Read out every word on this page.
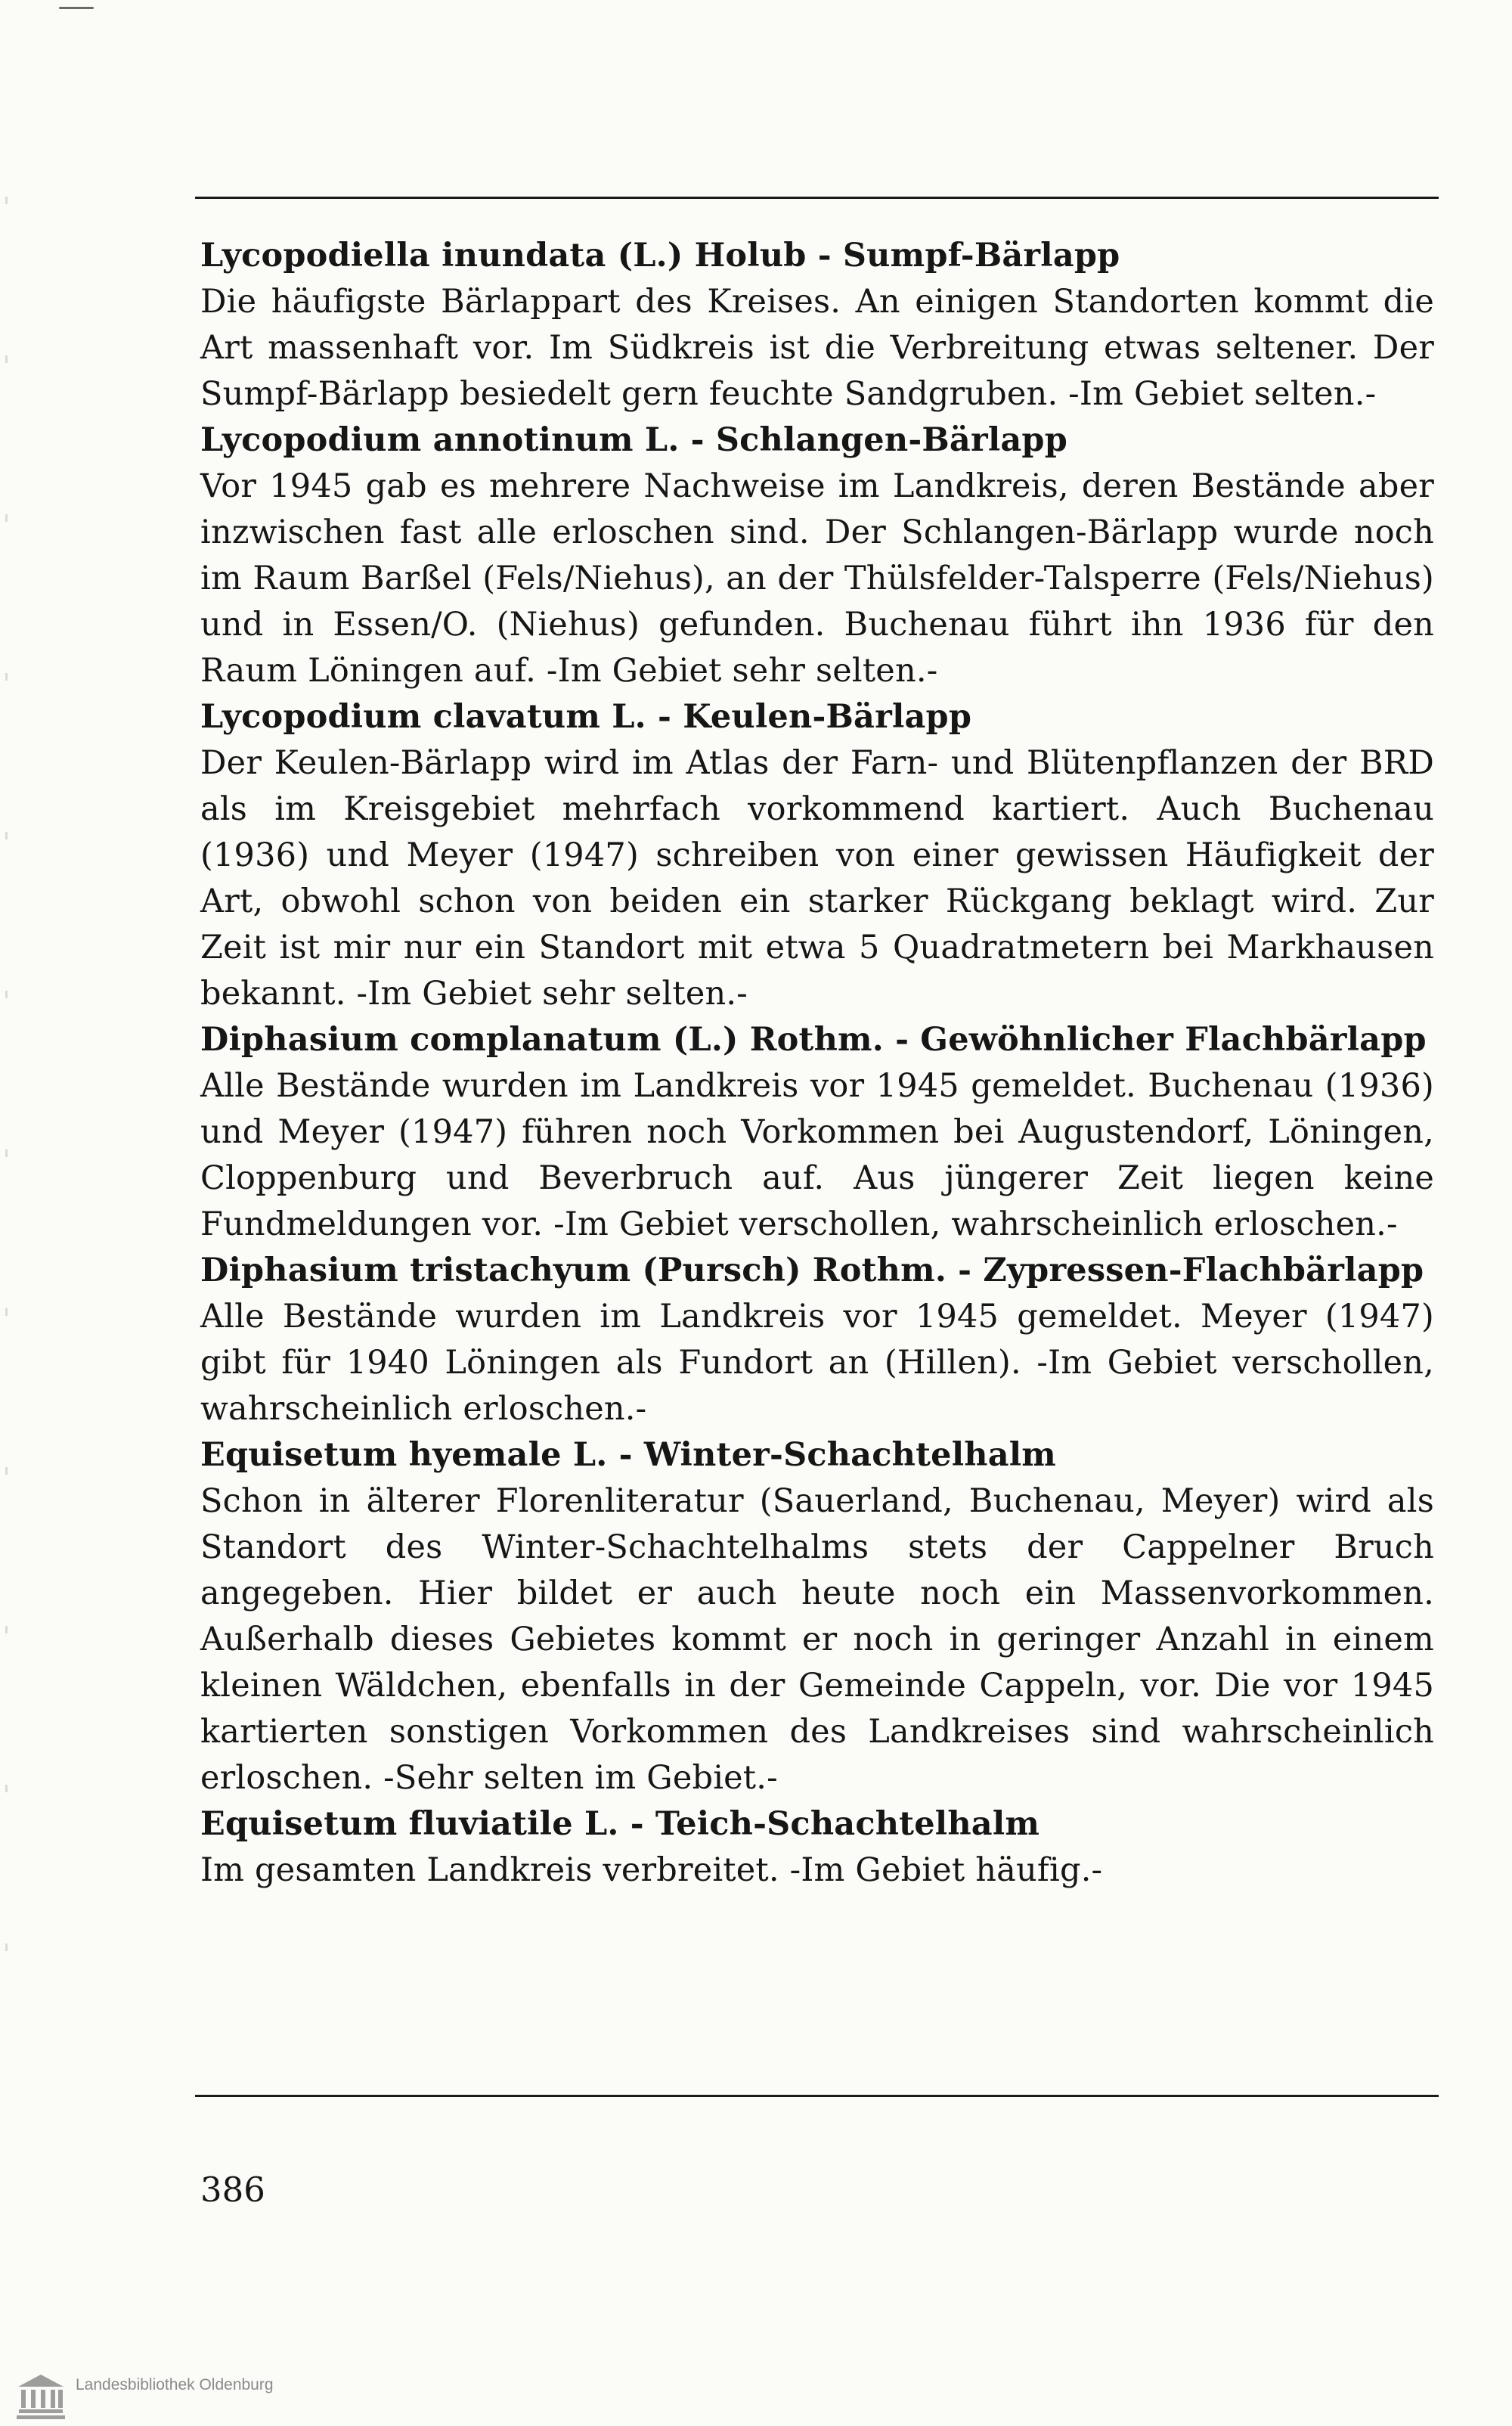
Lycopodiella inundata (L.) Holub - Sumpf-Bärlapp
Die häufigste Bärlappart des Kreises. An einigen Standorten kommt die Art massenhaft vor. Im Südkreis ist die Verbreitung etwas seltener. Der Sumpf-Bärlapp besiedelt gern feuchte Sandgruben. -Im Gebiet selten.-
Lycopodium annotinum L. - Schlangen-Bärlapp
Vor 1945 gab es mehrere Nachweise im Landkreis, deren Bestände aber inzwischen fast alle erloschen sind. Der Schlangen-Bärlapp wurde noch im Raum Barßel (Fels/Niehus), an der Thülsfelder-Talsperre (Fels/Niehus) und in Essen/O. (Niehus) gefunden. Buchenau führt ihn 1936 für den Raum Löningen auf. -Im Gebiet sehr selten.-
Lycopodium clavatum L. - Keulen-Bärlapp
Der Keulen-Bärlapp wird im Atlas der Farn- und Blütenpflanzen der BRD als im Kreisgebiet mehrfach vorkommend kartiert. Auch Buchenau (1936) und Meyer (1947) schreiben von einer gewissen Häufigkeit der Art, obwohl schon von beiden ein starker Rückgang beklagt wird. Zur Zeit ist mir nur ein Standort mit etwa 5 Quadratmetern bei Markhausen bekannt. -Im Gebiet sehr selten.-
Diphasium complanatum (L.) Rothm. - Gewöhnlicher Flachbärlapp
Alle Bestände wurden im Landkreis vor 1945 gemeldet. Buchenau (1936) und Meyer (1947) führen noch Vorkommen bei Augustendorf, Löningen, Cloppenburg und Beverbruch auf. Aus jüngerer Zeit liegen keine Fundmeldungen vor. -Im Gebiet verschollen, wahrscheinlich erloschen.-
Diphasium tristachyum (Pursch) Rothm. - Zypressen-Flachbärlapp
Alle Bestände wurden im Landkreis vor 1945 gemeldet. Meyer (1947) gibt für 1940 Löningen als Fundort an (Hillen). -Im Gebiet verschollen, wahrscheinlich erloschen.-
Equisetum hyemale L. - Winter-Schachtelhalm
Schon in älterer Florenliteratur (Sauerland, Buchenau, Meyer) wird als Standort des Winter-Schachtelhalms stets der Cappelner Bruch angegeben. Hier bildet er auch heute noch ein Massenvorkommen. Außerhalb dieses Gebietes kommt er noch in geringer Anzahl in einem kleinen Wäldchen, ebenfalls in der Gemeinde Cappeln, vor. Die vor 1945 kartierten sonstigen Vorkommen des Landkreises sind wahrscheinlich erloschen. -Sehr selten im Gebiet.-
Equisetum fluviatile L. - Teich-Schachtelhalm
Im gesamten Landkreis verbreitet. -Im Gebiet häufig.-
386
Landesbibliothek Oldenburg
